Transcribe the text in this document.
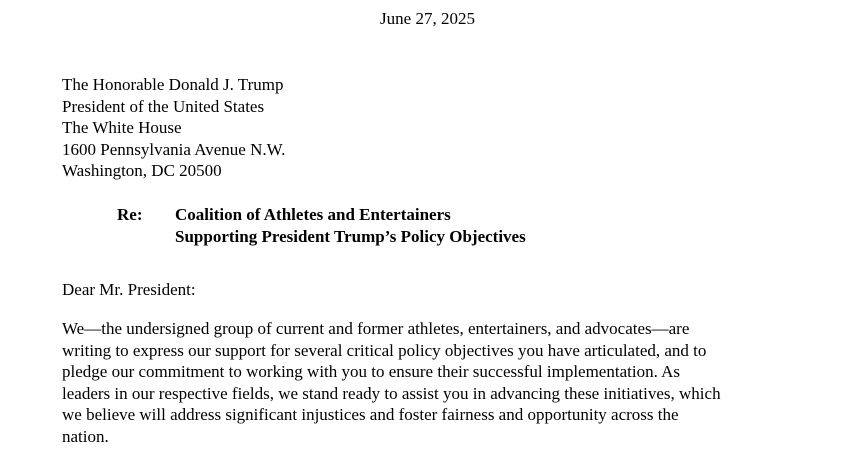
June 27, 2025
The Honorable Donald J. Trump
President of the United States
The White House
1600 Pennsylvania Avenue N.W.
Washington, DC 20500
Re: Coalition of Athletes and Entertainers
Supporting President Trump’s Policy Objectives
Dear Mr. President:
We—the undersigned group of current and former athletes, entertainers, and advocates—are
writing to express our support for several critical policy objectives you have articulated, and to
pledge our commitment to working with you to ensure their successful implementation. As
leaders in our respective fields, we stand ready to assist you in advancing these initiatives, which
we believe will address significant injustices and foster fairness and opportunity across the
nation.
